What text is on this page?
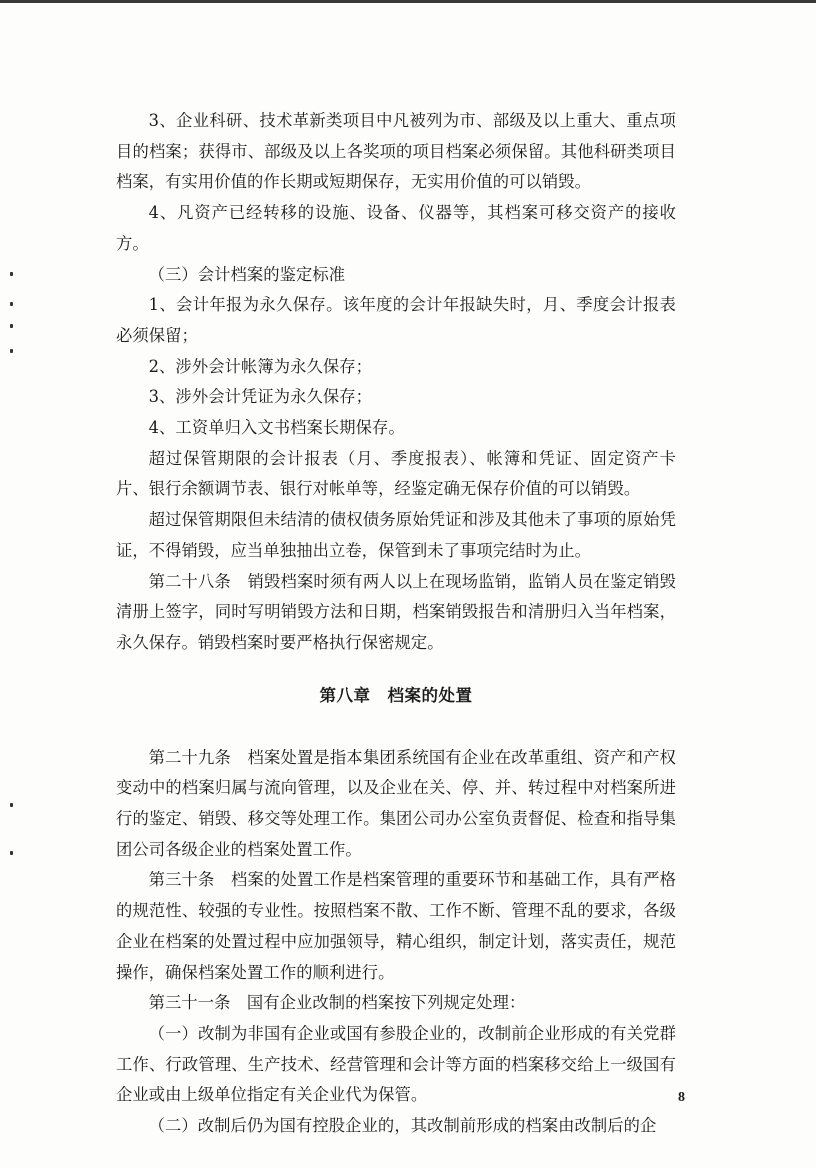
3、企业科研、技术革新类项目中凡被列为市、部级及以上重大、重点项目的档案；获得市、部级及以上各奖项的项目档案必须保留。其他科研类项目档案，有实用价值的作长期或短期保存，无实用价值的可以销毁。

4、凡资产已经转移的设施、设备、仪器等，其档案可移交资产的接收方。

（三）会计档案的鉴定标准

1、会计年报为永久保存。该年度的会计年报缺失时，月、季度会计报表必须保留；

2、涉外会计帐簿为永久保存；

3、涉外会计凭证为永久保存；

4、工资单归入文书档案长期保存。

超过保管期限的会计报表（月、季度报表）、帐簿和凭证、固定资产卡片、银行余额调节表、银行对帐单等，经鉴定确无保存价值的可以销毁。

超过保管期限但未结清的债权债务原始凭证和涉及其他未了事项的原始凭证，不得销毁，应当单独抽出立卷，保管到未了事项完结时为止。

第二十八条　销毁档案时须有两人以上在现场监销，监销人员在鉴定销毁清册上签字，同时写明销毁方法和日期，档案销毁报告和清册归入当年档案，永久保存。销毁档案时要严格执行保密规定。

第八章　档案的处置

第二十九条　档案处置是指本集团系统国有企业在改革重组、资产和产权变动中的档案归属与流向管理，以及企业在关、停、并、转过程中对档案所进行的鉴定、销毁、移交等处理工作。集团公司办公室负责督促、检查和指导集团公司各级企业的档案处置工作。

第三十条　档案的处置工作是档案管理的重要环节和基础工作，具有严格的规范性、较强的专业性。按照档案不散、工作不断、管理不乱的要求，各级企业在档案的处置过程中应加强领导，精心组织，制定计划，落实责任，规范操作，确保档案处置工作的顺利进行。

第三十一条　国有企业改制的档案按下列规定处理：

（一）改制为非国有企业或国有参股企业的，改制前企业形成的有关党群工作、行政管理、生产技术、经营管理和会计等方面的档案移交给上一级国有企业或由上级单位指定有关企业代为保管。

（二）改制后仍为国有控股企业的，其改制前形成的档案由改制后的企

8
